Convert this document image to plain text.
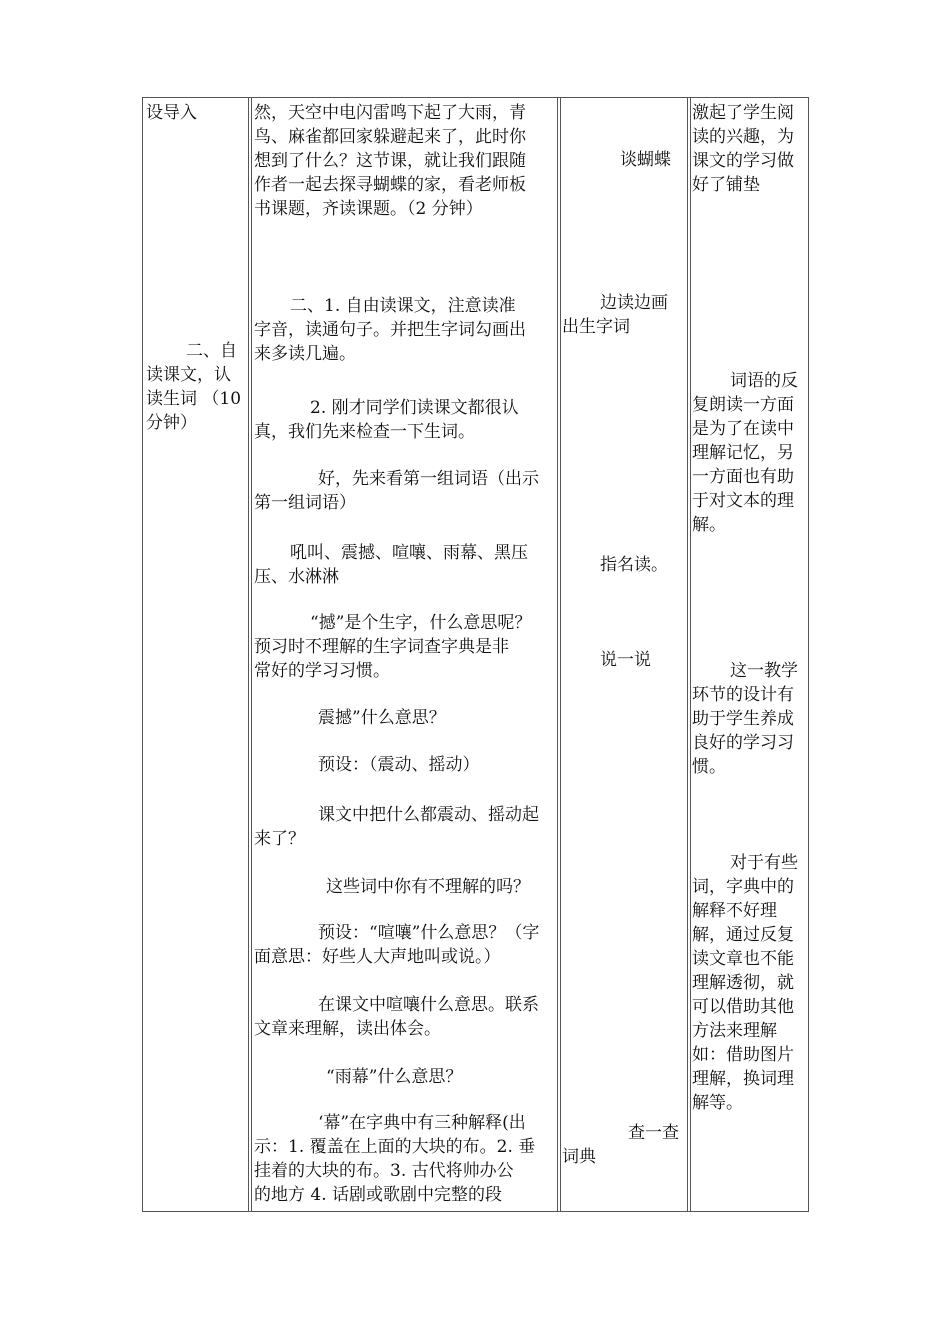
设导入
二、自
读课文，认
读生词 （10
分钟）
然，天空中电闪雷鸣下起了大雨，青
鸟、麻雀都回家躲避起来了，此时你
想到了什么？这节课，就让我们跟随
作者一起去探寻蝴蝶的家，看老师板
书课题，齐读课题。（2 分钟）
二、1. 自由读课文，注意读准
字音，读通句子。并把生字词勾画出
来多读几遍。
2. 刚才同学们读课文都很认
真，我们先来检查一下生词。
好，先来看第一组词语（出示
第一组词语）
吼叫、震撼、喧嚷、雨幕、黑压
压、水淋淋
“撼”是个生字，什么意思呢？
预习时不理解的生字词查字典是非
常好的学习习惯。
震撼”什么意思？
预设：（震动、摇动）
课文中把什么都震动、摇动起
来了？
这些词中你有不理解的吗？
预设：“喧嚷”什么意思？（字
面意思：好些人大声地叫或说。）
在课文中喧嚷什么意思。联系
文章来理解，读出体会。
“雨幕”什么意思？
‘幕”在字典中有三种解释(出
示：1. 覆盖在上面的大块的布。2. 垂
挂着的大块的布。3. 古代将帅办公
的地方 4. 话剧或歌剧中完整的段
谈蝴蝶
边读边画
出生字词
指名读。
说一说
查一查
词典
激起了学生阅
读的兴趣，为
课文的学习做
好了铺垫
词语的反
复朗读一方面
是为了在读中
理解记忆，另
一方面也有助
于对文本的理
解。
这一教学
环节的设计有
助于学生养成
良好的学习习
惯。
对于有些
词，字典中的
解释不好理
解，通过反复
读文章也不能
理解透彻，就
可以借助其他
方法来理解
如：借助图片
理解，换词理
解等。
